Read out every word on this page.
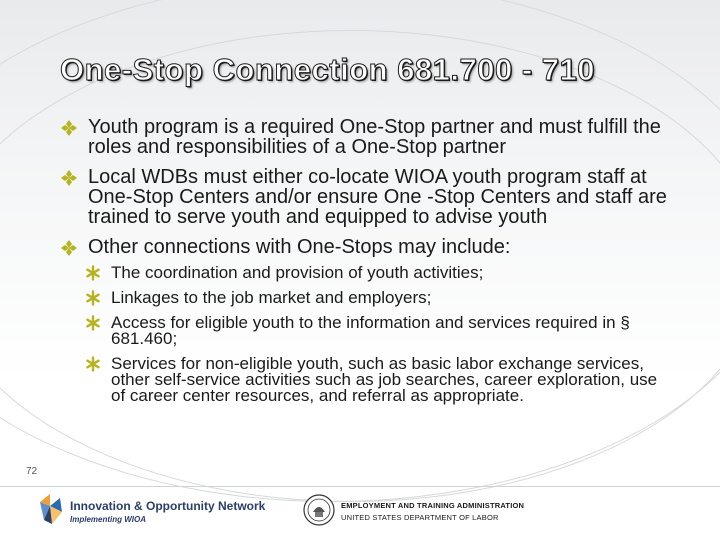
One-Stop Connection 681.700 - 710
Youth program is a required One-Stop partner and must fulfill the roles and responsibilities of a One-Stop partner
Local WDBs must either co-locate WIOA youth program staff at One-Stop Centers and/or ensure One -Stop Centers and staff are trained to serve youth and equipped to advise youth
Other connections with One-Stops may include:
The coordination and provision of youth activities;
Linkages to the job market and employers;
Access for eligible youth to the information and services required in § 681.460;
Services for non-eligible youth, such as basic labor exchange services, other self-service activities such as job searches, career exploration, use of career center resources, and referral as appropriate.
72
Innovation & Opportunity Network
Implementing WIOA
EMPLOYMENT AND TRAINING ADMINISTRATION
UNITED STATES DEPARTMENT OF LABOR
